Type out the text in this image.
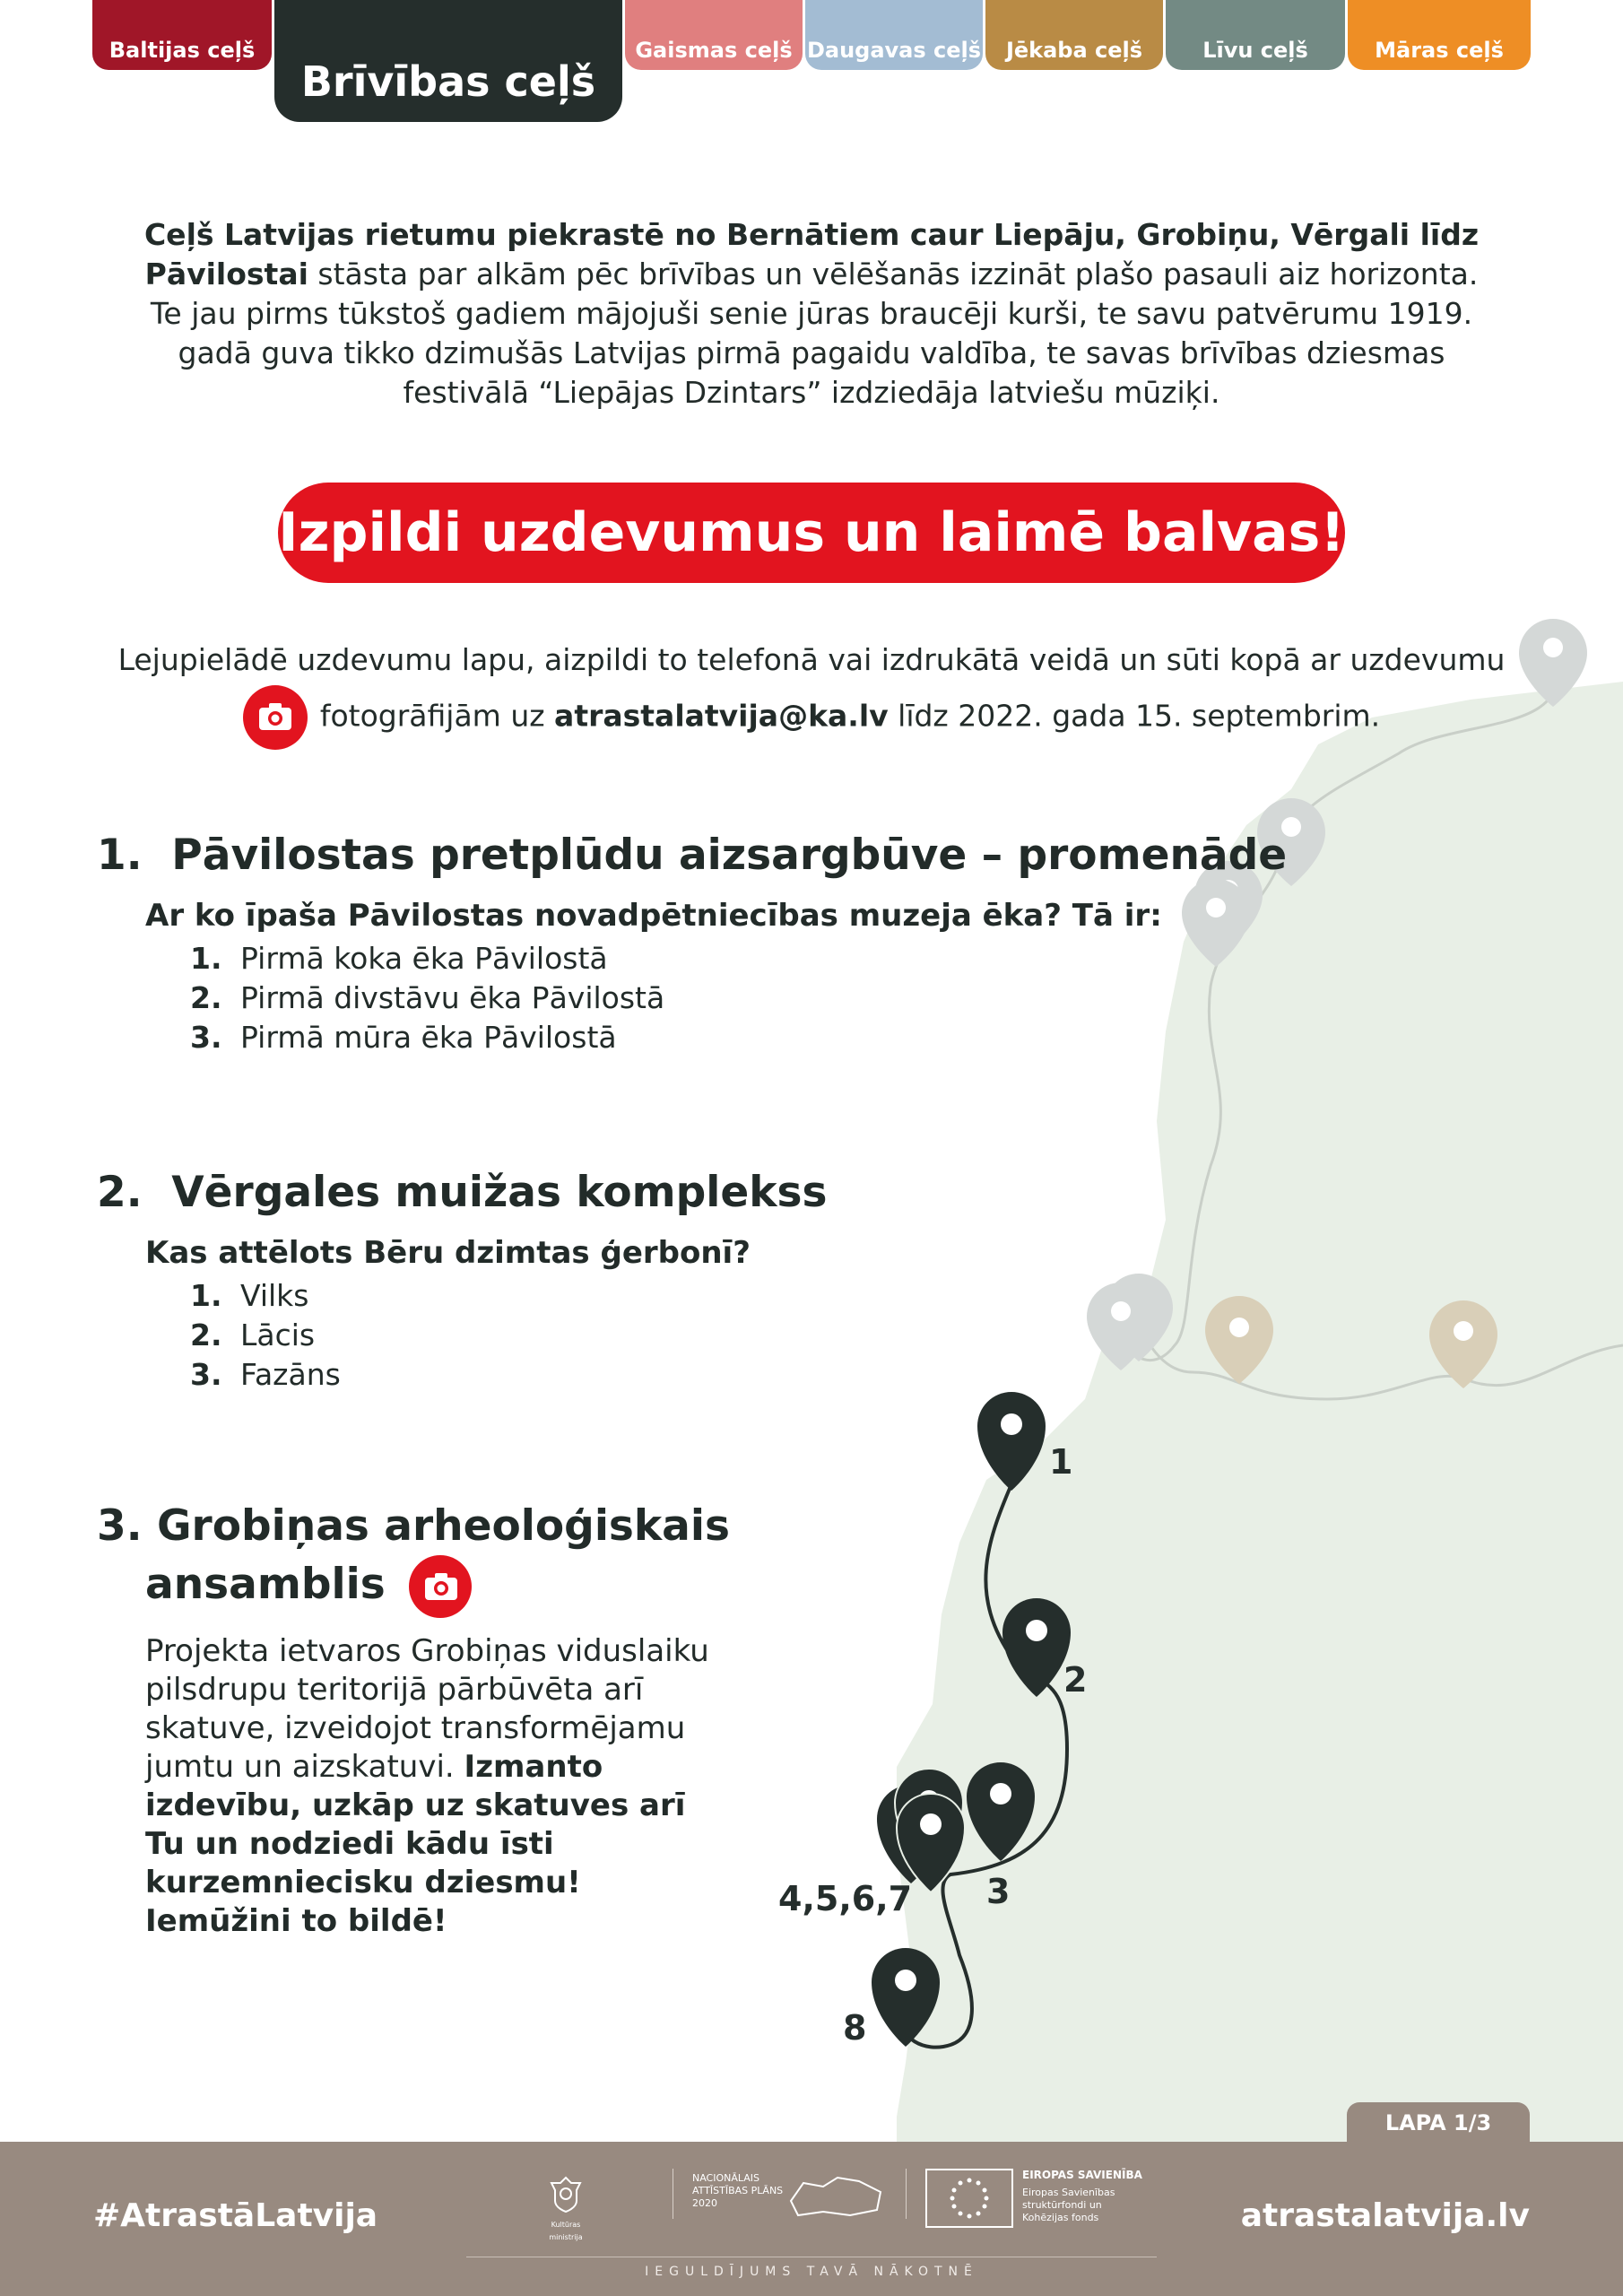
1
2
3
4,5,6,7
8
Baltijas ceļš
Brīvības ceļš
Gaismas ceļš Daugavas ceļš	Jēkaba ceļš	Līvu ceļš	Māras ceļš
Ceļš Latvijas rietumu piekrastē no Bernātiem caur Liepāju, Grobiņu, Vērgali līdz Pāvilostai stāsta par alkām pēc brīvības un vēlēšanās izzināt plašo pasauli aiz horizonta. Te jau pirms tūkstoš gadiem mājojuši senie jūras braucēji kurši, te savu patvērumu 1919. gadā guva tikko dzimušās Latvijas pirmā pagaidu valdība, te savas brīvības dziesmas festivālā “Liepājas Dzintars” izdziedāja latviešu mūziķi.
Izpildi uzdevumus un laimē balvas!
Lejupielādē uzdevumu lapu, aizpildi to telefonā vai izdrukātā veidā un sūti kopā ar uzdevumu
fotogrāfijām uz atrastalatvija@ka.lv līdz 2022. gada 15. septembrim.
1. Pāvilostas pretplūdu aizsargbūve – promenāde
Ar ko īpaša Pāvilostas novadpētniecības muzeja ēka? Tā ir:
1. Pirmā koka ēka Pāvilostā
2. Pirmā divstāvu ēka Pāvilostā
3. Pirmā mūra ēka Pāvilostā
2. Vērgales muižas komplekss
Kas attēlots Bēru dzimtas ģerbonī?
1. Vilks
2. Lācis
3. Fazāns
3. Grobiņas arheoloģiskais
ansamblis
Projekta ietvaros Grobiņas viduslaiku pilsdrupu teritorijā pārbūvēta arī skatuve, izveidojot transformējamu jumtu un aizskatuvi. Izmanto izdevību, uzkāp uz skatuves arī Tu un nodziedi kādu īsti kurzemniecisku dziesmu! Iemūžini to bildē!
LAPA 1/3
#AtrastāLatvija	Kultūras ministrija
NACIONĀLAIS ATTĪSTĪBAS PLĀNS 2020
EIROPAS SAVIENĪBA
Eiropas Savienības struktūrfondi un Kohēzijas fonds
IEGULDĪJUMS TAVĀ NĀKOTNĒ
atrastalatvija.lv
